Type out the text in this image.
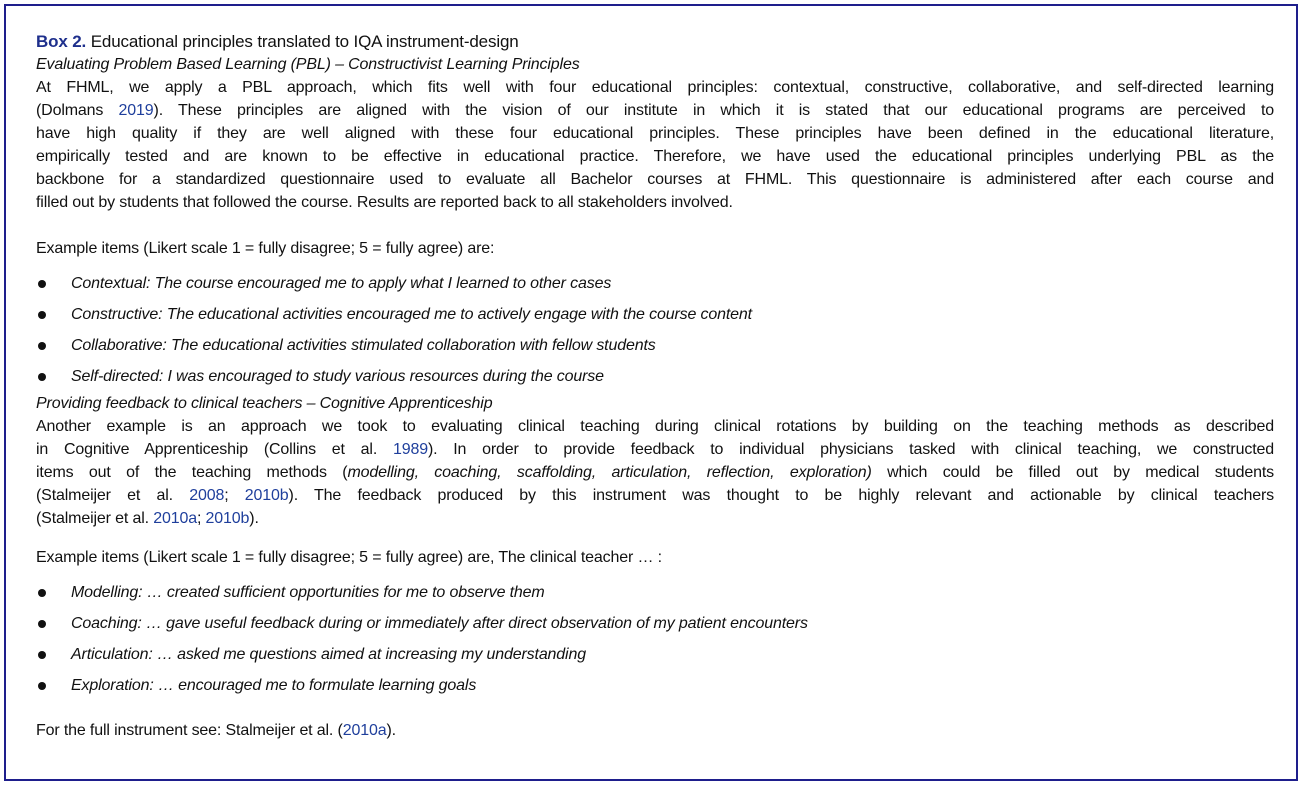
Box 2. Educational principles translated to IQA instrument-design
Evaluating Problem Based Learning (PBL) – Constructivist Learning Principles
At FHML, we apply a PBL approach, which fits well with four educational principles: contextual, constructive, collaborative, and self-directed learning
(Dolmans 2019). These principles are aligned with the vision of our institute in which it is stated that our educational programs are perceived to
have high quality if they are well aligned with these four educational principles. These principles have been defined in the educational literature,
empirically tested and are known to be effective in educational practice. Therefore, we have used the educational principles underlying PBL as the
backbone for a standardized questionnaire used to evaluate all Bachelor courses at FHML. This questionnaire is administered after each course and
filled out by students that followed the course. Results are reported back to all stakeholders involved.
Example items (Likert scale 1 = fully disagree; 5 = fully agree) are:
Contextual: The course encouraged me to apply what I learned to other cases
Constructive: The educational activities encouraged me to actively engage with the course content
Collaborative: The educational activities stimulated collaboration with fellow students
Self-directed: I was encouraged to study various resources during the course
Providing feedback to clinical teachers – Cognitive Apprenticeship
Another example is an approach we took to evaluating clinical teaching during clinical rotations by building on the teaching methods as described
in Cognitive Apprenticeship (Collins et al. 1989). In order to provide feedback to individual physicians tasked with clinical teaching, we constructed
items out of the teaching methods (modelling, coaching, scaffolding, articulation, reflection, exploration) which could be filled out by medical students
(Stalmeijer et al. 2008; 2010b). The feedback produced by this instrument was thought to be highly relevant and actionable by clinical teachers
(Stalmeijer et al. 2010a; 2010b).
Example items (Likert scale 1 = fully disagree; 5 = fully agree) are, The clinical teacher … :
Modelling: … created sufficient opportunities for me to observe them
Coaching: … gave useful feedback during or immediately after direct observation of my patient encounters
Articulation: … asked me questions aimed at increasing my understanding
Exploration: … encouraged me to formulate learning goals
For the full instrument see: Stalmeijer et al. (2010a).
